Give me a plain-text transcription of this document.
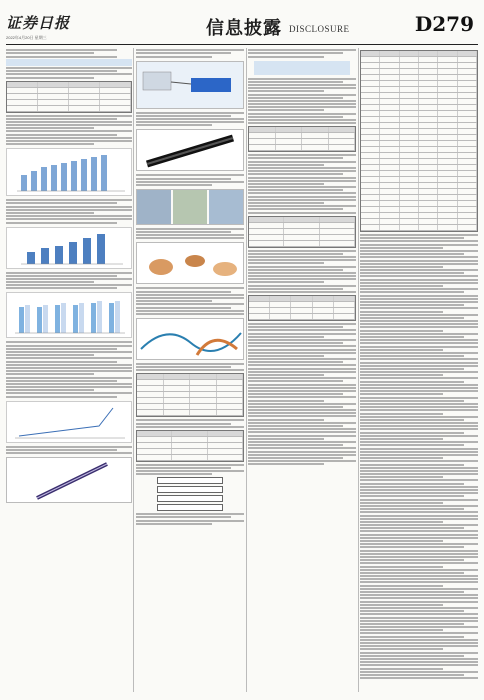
证券日报
2022年4月20日 星期三	信息披露 DISCLOSURE	D279
